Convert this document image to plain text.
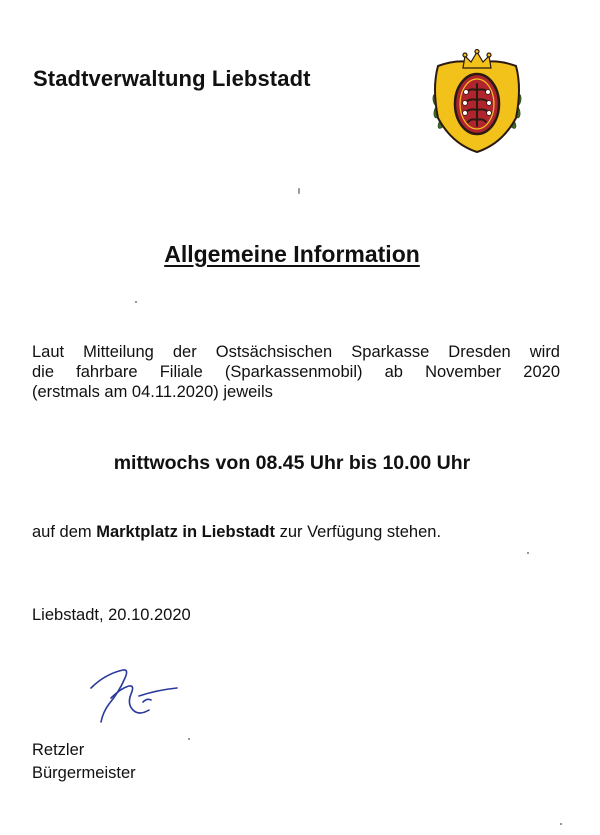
Stadtverwaltung Liebstadt
Allgemeine Information
Laut Mitteilung der Ostsächsischen Sparkasse Dresden wird
die fahrbare Filiale (Sparkassenmobil) ab November 2020
(erstmals am 04.11.2020) jeweils
mittwochs von 08.45 Uhr bis 10.00 Uhr
auf dem Marktplatz in Liebstadt zur Verfügung stehen.
Liebstadt, 20.10.2020
Retzler
Bürgermeister
